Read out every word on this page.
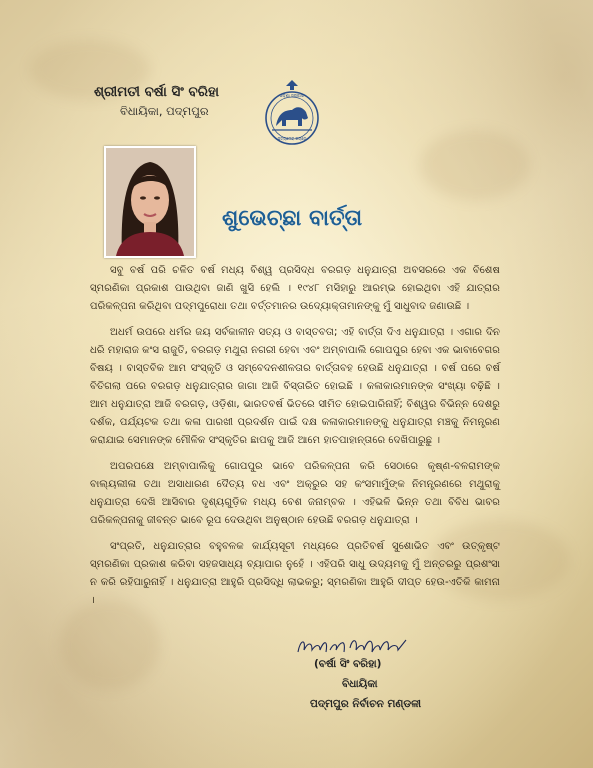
ଶ୍ରୀମତୀ ବର୍ଷା ସିଂ ବରିହା
ବିଧାୟିକା, ପଦ୍ମପୁର
ଓଡ଼ିଶା ସରକାର
ସତ୍ୟମେବ ଜୟତେ
ଶୁଭେଚ୍ଛା ବାର୍ତ୍ତା

ସବୁ ବର୍ଷ ପରି ଚଳିତ ବର୍ଷ ମଧ୍ୟ ବିଶ୍ୱ ପ୍ରସିଦ୍ଧ ବରଗଡ଼ ଧନୁଯାତ୍ରା ଅବସରରେ ଏକ ବିଶେଷ ସ୍ମରଣିକା ପ୍ରକାଶ ପାଉଥିବା ଜାଣି ଖୁସି ହେଲି । ୧୯୪୮ ମସିହାରୁ ଆରମ୍ଭ ହୋଇଥିବା ଏହି ଯାତ୍ରାର ପରିକଳ୍ପନା କରିଥିବା ପଦ୍ମପୁରୋଧା ତଥା ବର୍ତ୍ତମାନର ଉଦ୍ୟୋକ୍ତାମାନଙ୍କୁ ମୁଁ ସାଧୁବାଦ ଜଣାଉଛି ।

ଅଧର୍ମ ଉପରେ ଧର୍ମର ଜୟ ସର୍ବକାଳୀନ ସତ୍ୟ ଓ ବାସ୍ତବତା; ଏହି ବାର୍ତ୍ତା ଦିଏ ଧନୁଯାତ୍ରା । ଏଗାର ଦିନ ଧରି ମହାରାଜ କଂସ ରାଜୁତି, ବରଗଡ଼ ମଥୁରା ନଗରୀ ହେବା ଏବଂ ଅମ୍ବାପାଲି ଗୋପପୁର ହେବା ଏକ ଭାବାବେଗର ବିଷୟ । ବାସ୍ତବିକ ଆମ ସଂସ୍କୃତି ଓ ସମ୍ବେଦନଶୀଳତାର ବାର୍ତ୍ତାବହ ହେଉଛି ଧନୁଯାତ୍ରା । ବର୍ଷ ପରେ ବର୍ଷ ବିତିଗଲା ପରେ ବରଗଡ଼ ଧନୁଯାତ୍ରାର ଜାଗା ଆଜି ବିସ୍ତାରିତ ହୋଇଛି । କଳାକାରମାନଙ୍କ ସଂଖ୍ୟା ବଢ଼ିଛି । ଆମ ଧନୁଯାତ୍ରା ଆଜି ବରଗଡ଼, ଓଡ଼ିଶା, ଭାରତବର୍ଷ ଭିତରେ ସୀମିତ ହୋଇପାରିନାହିଁ; ବିଶ୍ୱର ବିଭିନ୍ନ ଦେଶରୁ ଦର୍ଶକ, ପର୍ଯ୍ୟଟକ ତଥା କଳା ପାରଖୀ ପ୍ରଦର୍ଶନ ପାଇଁ ଦକ୍ଷ କଳାକାରମାନଙ୍କୁ ଧନୁଯାତ୍ରା ମଞ୍ଚକୁ ନିମନ୍ତ୍ରଣ କରାଯାଇ ସେମାନଙ୍କ ମୌଳିକ ସଂସ୍କୃତିର ଛାପକୁ ଆଜି ଆମେ ହାତପାହାନ୍ତାରେ ଦେଖିପାରୁଛୁ ।

ଅପରପକ୍ଷେ ଅମ୍ବାପାଲିକୁ ଗୋପପୁର ଭାବେ ପରିକଳ୍ପନା କରି ସେଠାରେ କୃଷ୍ଣ-ବଳରାମଙ୍କ ବାଲ୍ୟଲୀଳା ତଥା ଅସାଧାରଣ ଦୈତ୍ୟ ବଧ ଏବଂ ଅକ୍ରୁର ସହ କଂସମାମୁଁଙ୍କ ନିମନ୍ତ୍ରଣରେ ମଥୁରାକୁ ଧନୁଯାତ୍ରା ଦେଖି ଆସିବାର ଦୃଶ୍ୟଗୁଡ଼ିକ ମଧ୍ୟ ବେଶ ଜନାମ୍ବକ । ଏହିଭଳି ଭିନ୍ନ ତଥା ବିବିଧ ଭାବର ପରିକଳ୍ପନାକୁ ଜୀବନ୍ତ ଭାବେ ରୂପ ଦେଉଥିବା ଅନୁଷ୍ଠାନ ହେଉଛି ବରଗଡ଼ ଧନୁଯାତ୍ରା ।

ସଂପ୍ରତି, ଧନୁଯାତ୍ରାର ବହୁବଳକ କାର୍ଯ୍ୟସୂଚୀ ମଧ୍ୟରେ ପ୍ରତିବର୍ଷ ସୁଶୋଭିତ ଏବଂ ଉତ୍କୃଷ୍ଟ ସ୍ମରଣିକା ପ୍ରକାଶ କରିବା ସହଜସାଧ୍ୟ ବ୍ୟାପାର ନୁହେଁ । ଏହିପରି ସାଧୁ ଉଦ୍ୟମକୁ ମୁଁ ଅନ୍ତରରୁ ପ୍ରଶଂସା ନ କରି ରହିପାରୁନାହିଁ । ଧନୁଯାତ୍ରା ଆହୁରି ପ୍ରସିଦ୍ଧି ଲାଭକରୁ; ସ୍ମରଣିକା ଆହୁରି ଦୀପ୍ତ ହେଉ-ଏତିକି କାମନା ।

(ବର୍ଷା ସିଂ ବରିହା)
ବିଧାୟିକା
ପଦ୍ମପୁର ନିର୍ବାଚନ ମଣ୍ଡଳୀ
